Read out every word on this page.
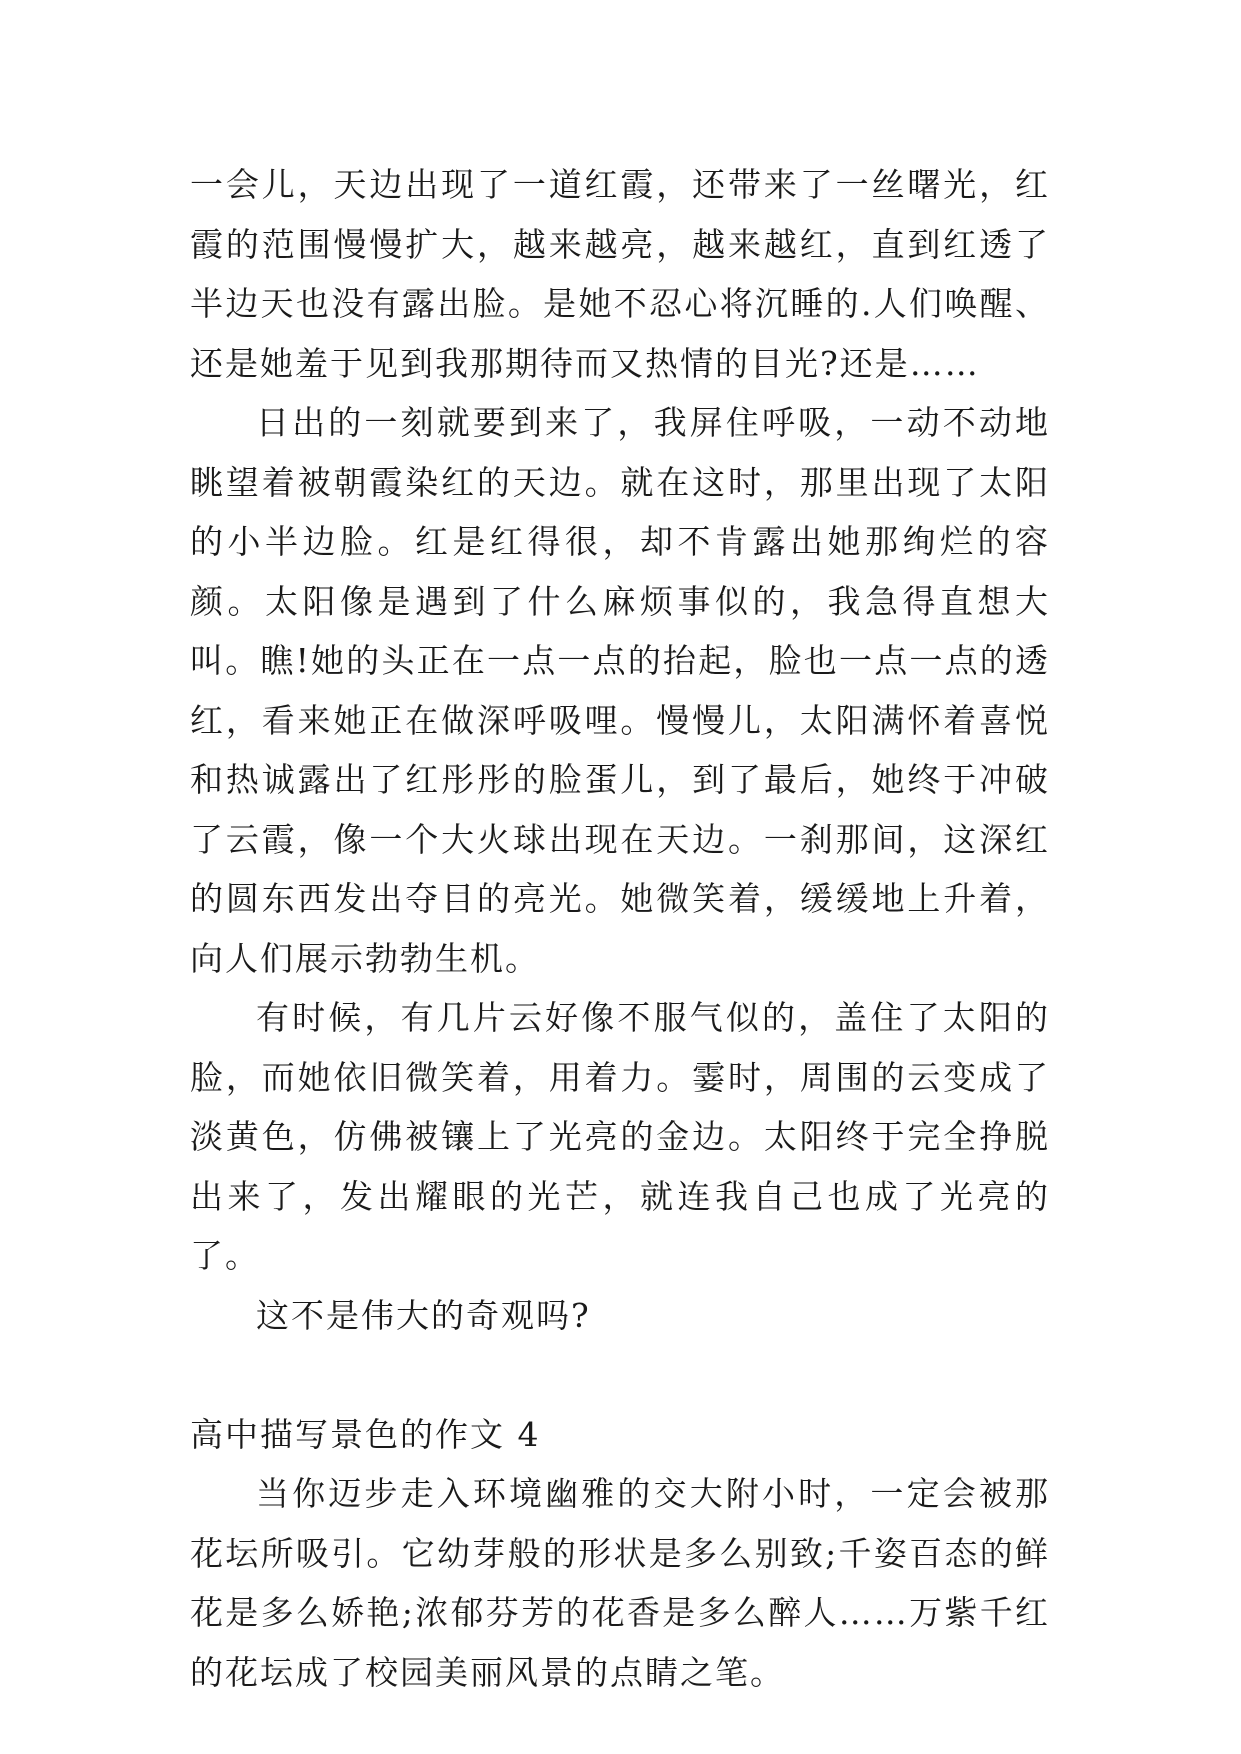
一会儿，天边出现了一道红霞，还带来了一丝曙光，红霞的范围慢慢扩大，越来越亮，越来越红，直到红透了半边天也没有露出脸。是她不忍心将沉睡的.人们唤醒、还是她羞于见到我那期待而又热情的目光?还是……

日出的一刻就要到来了，我屏住呼吸，一动不动地眺望着被朝霞染红的天边。就在这时，那里出现了太阳的小半边脸。红是红得很，却不肯露出她那绚烂的容颜。太阳像是遇到了什么麻烦事似的，我急得直想大叫。瞧!她的头正在一点一点的抬起，脸也一点一点的透红，看来她正在做深呼吸哩。慢慢儿，太阳满怀着喜悦和热诚露出了红彤彤的脸蛋儿，到了最后，她终于冲破了云霞，像一个大火球出现在天边。一刹那间，这深红的圆东西发出夺目的亮光。她微笑着，缓缓地上升着，向人们展示勃勃生机。

有时候，有几片云好像不服气似的，盖住了太阳的脸，而她依旧微笑着，用着力。霎时，周围的云变成了淡黄色，仿佛被镶上了光亮的金边。太阳终于完全挣脱出来了，发出耀眼的光芒，就连我自己也成了光亮的了。

这不是伟大的奇观吗?

高中描写景色的作文 4

当你迈步走入环境幽雅的交大附小时，一定会被那花坛所吸引。它幼芽般的形状是多么别致;千姿百态的鲜花是多么娇艳;浓郁芬芳的花香是多么醉人……万紫千红的花坛成了校园美丽风景的点睛之笔。
